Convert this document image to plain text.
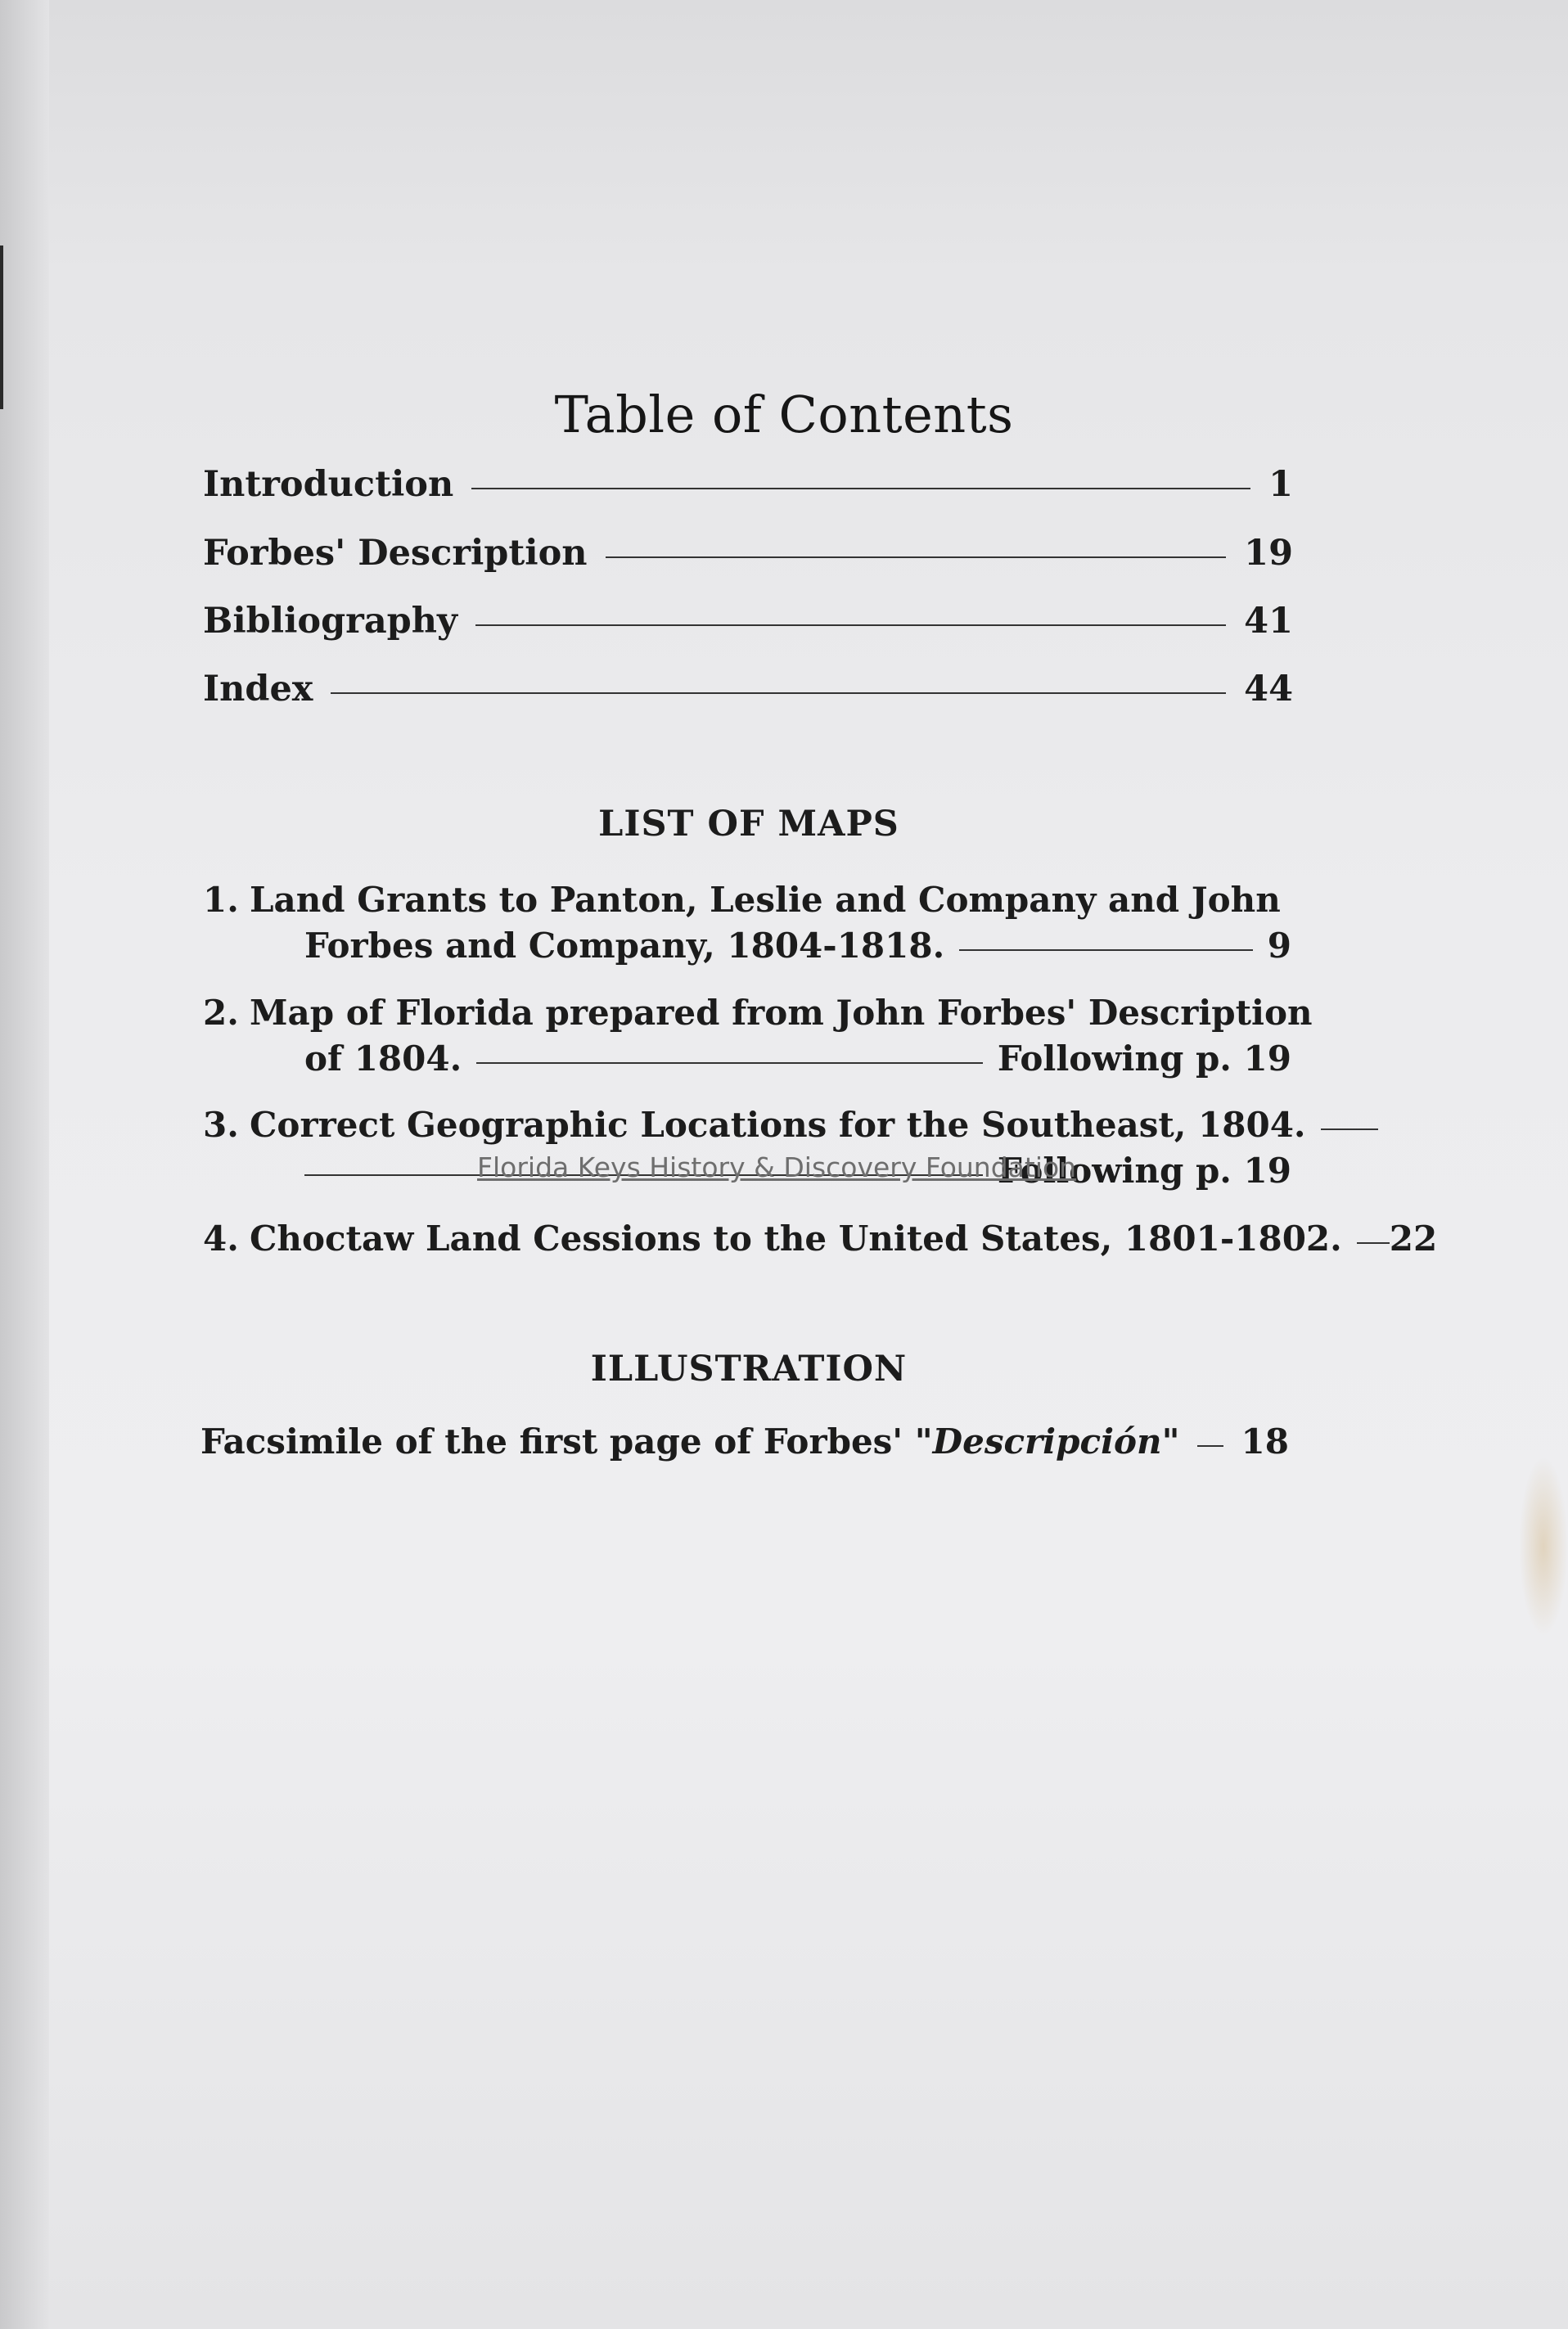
Table of Contents
Introduction	1
Forbes' Description	19
Bibliography	41
Index	44
LIST OF MAPS
1. Land Grants to Panton, Leslie and Company and John
Forbes and Company, 1804-1818.	9
2. Map of Florida prepared from John Forbes' Description
of 1804.	Following p. 19
3. Correct Geographic Locations for the Southeast, 1804.
Following p. 19
4. Choctaw Land Cessions to the United States, 1801-1802. 22
ILLUSTRATION
Facsimile of the first page of Forbes' "Descripción" 18
Florida Keys History & Discovery Foundation
